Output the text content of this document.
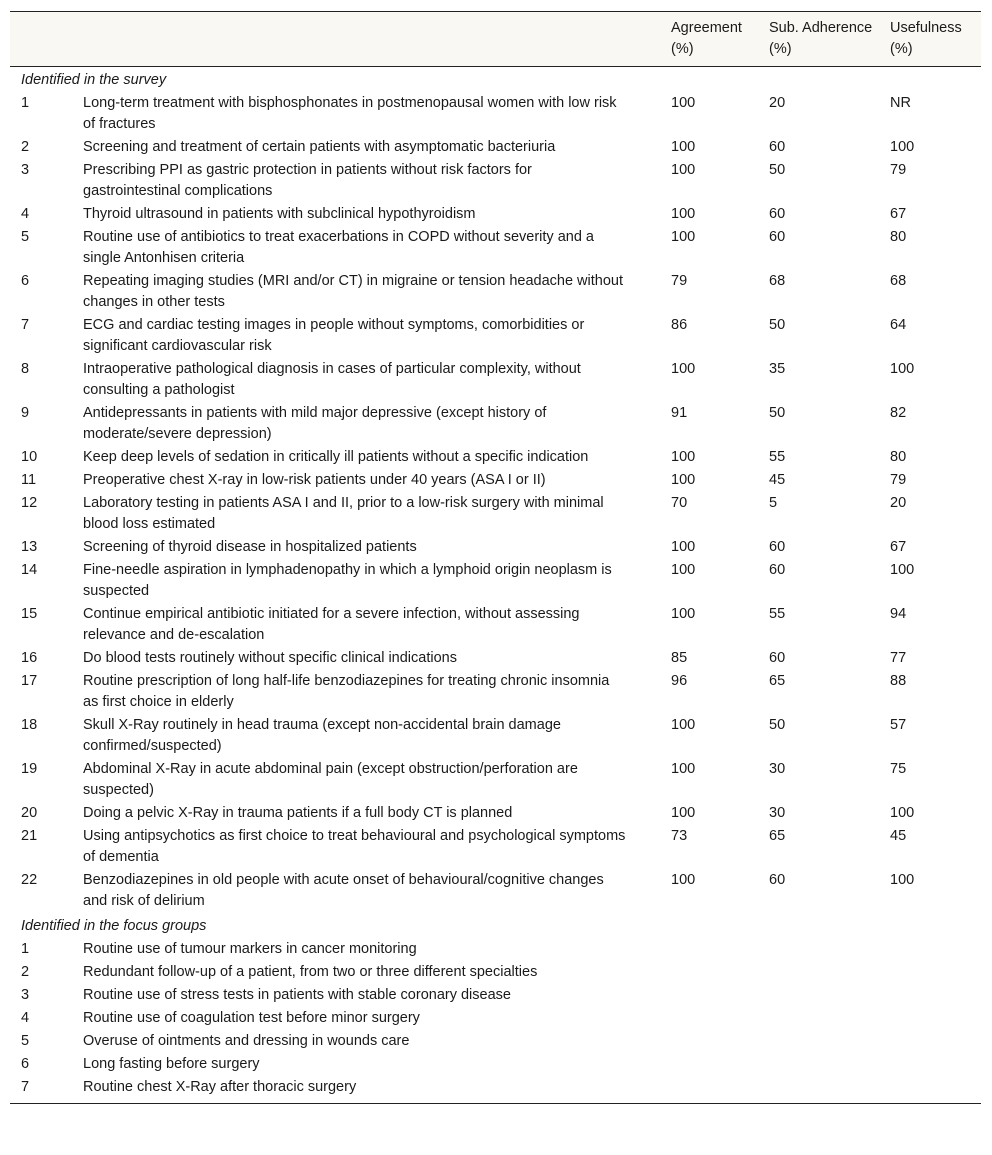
		Agreement (%)	Sub. Adherence (%)	Usefulness (%)
Identified in the survey				
1	Long-term treatment with bisphosphonates in postmenopausal women with low risk of fractures	100	20	NR
2	Screening and treatment of certain patients with asymptomatic bacteriuria	100	60	100
3	Prescribing PPI as gastric protection in patients without risk factors for gastrointestinal complications	100	50	79
4	Thyroid ultrasound in patients with subclinical hypothyroidism	100	60	67
5	Routine use of antibiotics to treat exacerbations in COPD without severity and a single Antonhisen criteria	100	60	80
6	Repeating imaging studies (MRI and/or CT) in migraine or tension headache without changes in other tests	79	68	68
7	ECG and cardiac testing images in people without symptoms, comorbidities or significant cardiovascular risk	86	50	64
8	Intraoperative pathological diagnosis in cases of particular complexity, without consulting a pathologist	100	35	100
9	Antidepressants in patients with mild major depressive (except history of moderate/severe depression)	91	50	82
10	Keep deep levels of sedation in critically ill patients without a specific indication	100	55	80
11	Preoperative chest X-ray in low-risk patients under 40 years (ASA I or II)	100	45	79
12	Laboratory testing in patients ASA I and II, prior to a low-risk surgery with minimal blood loss estimated	70	5	20
13	Screening of thyroid disease in hospitalized patients	100	60	67
14	Fine-needle aspiration in lymphadenopathy in which a lymphoid origin neoplasm is suspected	100	60	100
15	Continue empirical antibiotic initiated for a severe infection, without assessing relevance and de-escalation	100	55	94
16	Do blood tests routinely without specific clinical indications	85	60	77
17	Routine prescription of long half-life benzodiazepines for treating chronic insomnia as first choice in elderly	96	65	88
18	Skull X-Ray routinely in head trauma (except non-accidental brain damage confirmed/suspected)	100	50	57
19	Abdominal X-Ray in acute abdominal pain (except obstruction/perforation are suspected)	100	30	75
20	Doing a pelvic X-Ray in trauma patients if a full body CT is planned	100	30	100
21	Using antipsychotics as first choice to treat behavioural and psychological symptoms of dementia	73	65	45
22	Benzodiazepines in old people with acute onset of behavioural/cognitive changes and risk of delirium	100	60	100
Identified in the focus groups				
1	Routine use of tumour markers in cancer monitoring			
2	Redundant follow-up of a patient, from two or three different specialties			
3	Routine use of stress tests in patients with stable coronary disease			
4	Routine use of coagulation test before minor surgery			
5	Overuse of ointments and dressing in wounds care			
6	Long fasting before surgery			
7	Routine chest X-Ray after thoracic surgery			
